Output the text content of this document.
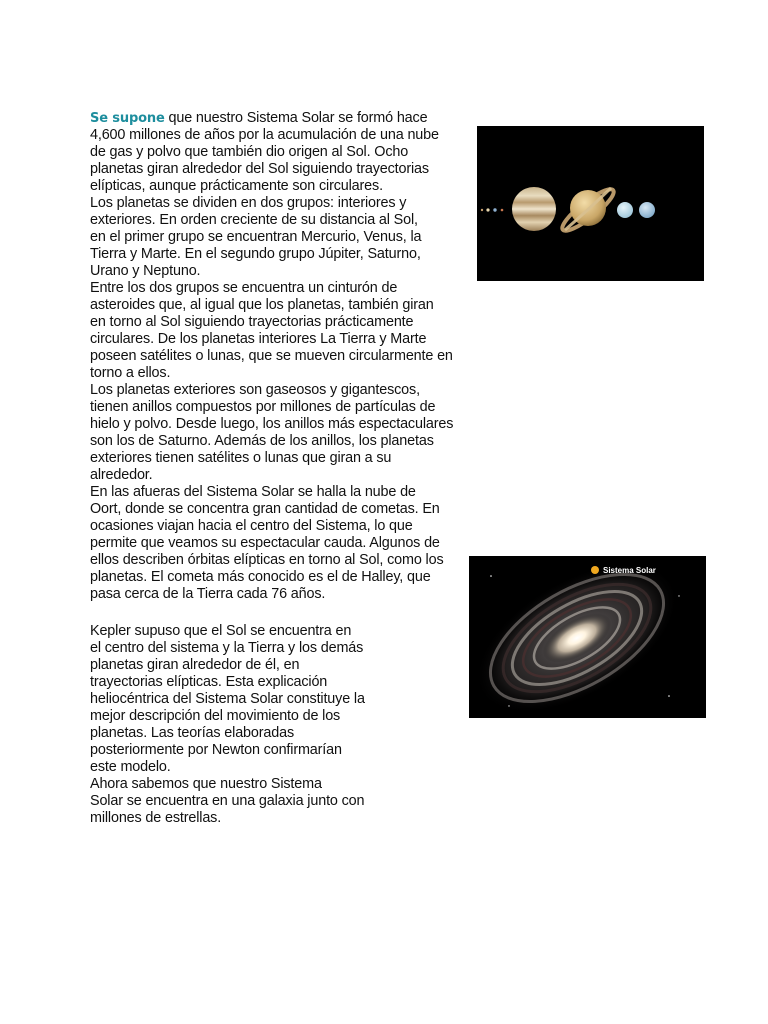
Se supone que nuestro Sistema Solar se formó hace
4,600 millones de años por la acumulación de una nube
de gas y polvo que también dio origen al Sol. Ocho
planetas giran alrededor del Sol siguiendo trayectorias
elípticas, aunque prácticamente son circulares.
Los planetas se dividen en dos grupos: interiores y
exteriores. En orden creciente de su distancia al Sol,
en el primer grupo se encuentran Mercurio, Venus, la
Tierra y Marte. En el segundo grupo Júpiter, Saturno,
Urano y Neptuno.
Entre los dos grupos se encuentra un cinturón de
asteroides que, al igual que los planetas, también giran
en torno al Sol siguiendo trayectorias prácticamente
circulares. De los planetas interiores La Tierra y Marte
poseen satélites o lunas, que se mueven circularmente en
torno a ellos.
Los planetas exteriores son gaseosos y gigantescos,
tienen anillos compuestos por millones de partículas de
hielo y polvo. Desde luego, los anillos más espectaculares
son los de Saturno. Además de los anillos, los planetas
exteriores tienen satélites o lunas que giran a su
alrededor.
En las afueras del Sistema Solar se halla la nube de
Oort, donde se concentra gran cantidad de cometas. En
ocasiones viajan hacia el centro del Sistema, lo que
permite que veamos su espectacular cauda. Algunos de
ellos describen órbitas elípticas en torno al Sol, como los
planetas. El cometa más conocido es el de Halley, que
pasa cerca de la Tierra cada 76 años.
Kepler supuso que el Sol se encuentra en
el centro del sistema y la Tierra y los demás
planetas giran alrededor de él, en
trayectorias elípticas. Esta explicación
heliocéntrica del Sistema Solar constituye la
mejor descripción del movimiento de los
planetas. Las teorías elaboradas
posteriormente por Newton confirmarían
este modelo.
Ahora sabemos que nuestro Sistema
Solar se encuentra en una galaxia junto con
millones de estrellas.
Sistema Solar
